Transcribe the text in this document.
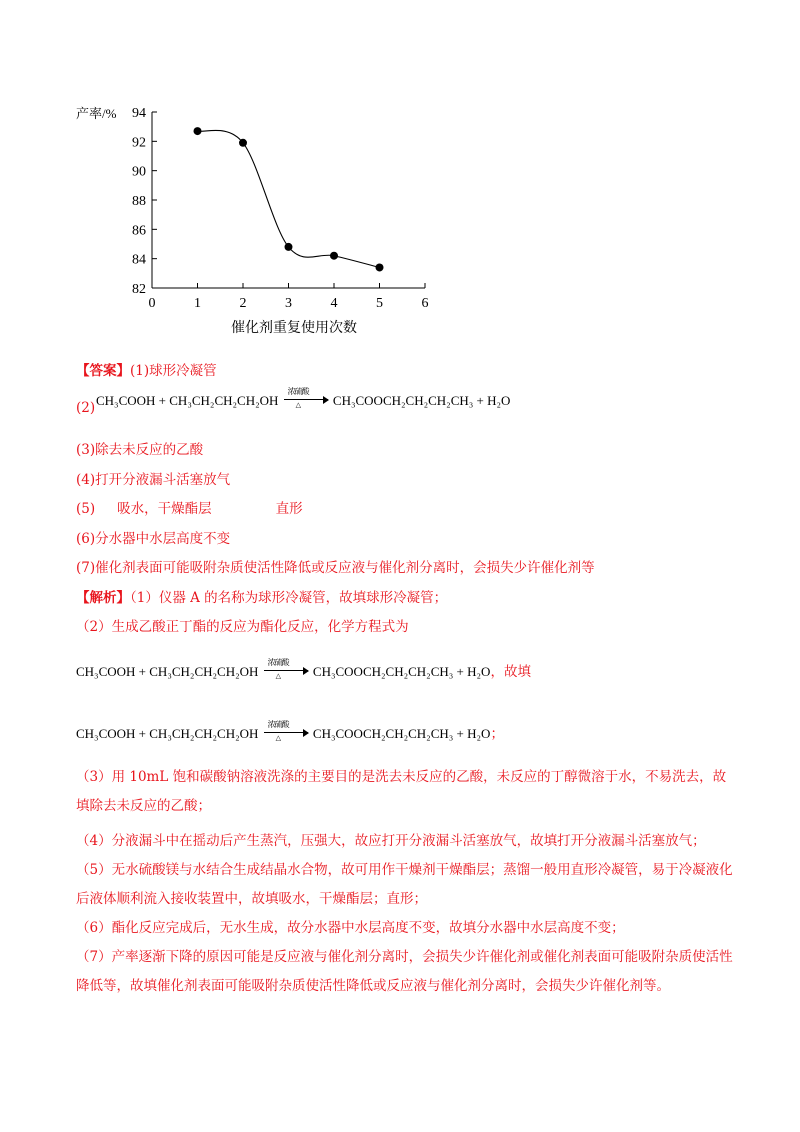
产率/%
82
84
86
88
90
92
94
0	1	2	3	4	5	6
催化剂重复使用次数
【答案】(1)球形冷凝管
(2) CH₃COOH + CH₃CH₂CH₂CH₂OH
浓硫酸
△ CH₃COOCH₂CH₂CH₂CH₃ + H₂O
(3)除去未反应的乙酸
(4)打开分液漏斗活塞放气
(5) 吸水，干燥酯层	直形
(6)分水器中水层高度不变
(7)催化剂表面可能吸附杂质使活性降低或反应液与催化剂分离时，会损失少许催化剂等
【解析】（1）仪器 A 的名称为球形冷凝管，故填球形冷凝管；
（2）生成乙酸正丁酯的反应为酯化反应，化学方程式为
CH₃COOH + CH₃CH₂CH₂CH₂OH
浓硫酸
△ CH₃COOCH₂CH₂CH₂CH₃ + H₂O，故填
CH₃COOH + CH₃CH₂CH₂CH₂OH
浓硫酸
△ CH₃COOCH₂CH₂CH₂CH₃ + H₂O；
（3）用 10mL 饱和碳酸钠溶液洗涤的主要目的是洗去未反应的乙酸，未反应的丁醇微溶于水，不易洗去，故填除去未反应的乙酸；
（4）分液漏斗中在摇动后产生蒸汽，压强大，故应打开分液漏斗活塞放气，故填打开分液漏斗活塞放气；
（5）无水硫酸镁与水结合生成结晶水合物，故可用作干燥剂干燥酯层；蒸馏一般用直形冷凝管，易于冷凝液化后液体顺利流入接收装置中，故填吸水，干燥酯层；直形；
（6）酯化反应完成后，无水生成，故分水器中水层高度不变，故填分水器中水层高度不变；
（7）产率逐渐下降的原因可能是反应液与催化剂分离时，会损失少许催化剂或催化剂表面可能吸附杂质使活性降低等，故填催化剂表面可能吸附杂质使活性降低或反应液与催化剂分离时，会损失少许催化剂等。
